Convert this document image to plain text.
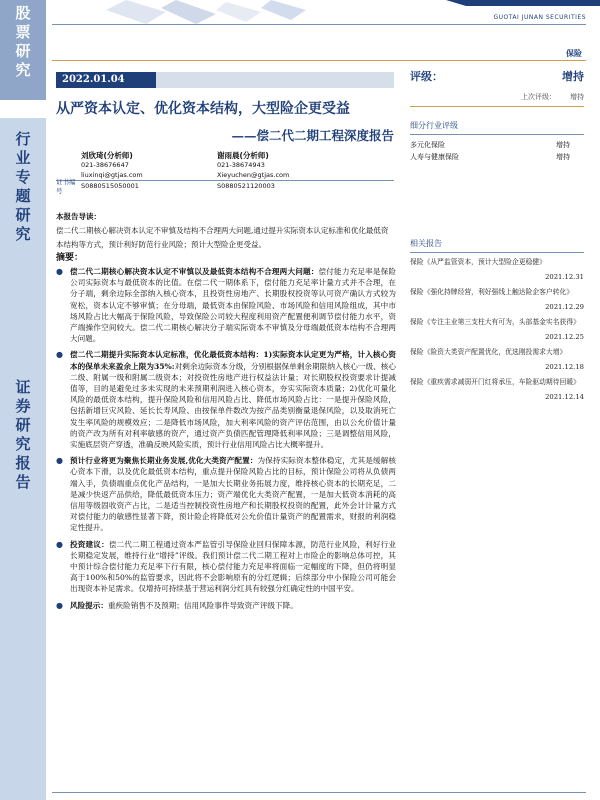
股
票
研
究
行
业
专
题
研
究
证
券
研
究
报
告
GUOTAI JUNAN SECURITIES
保险
2022.01.04
从严资本认定、优化资本结构，大型险企更受益
——偿二代二期工程深度报告
刘欣琦(分析师)	谢雨晨(分析师)
021-38676647	021-38674943
liuxinqi@gtjas.com	Xieyuchen@gtjas.com
证书编号
S0880515050001	S0880521120003
本报告导读：
偿二代二期核心解决资本认定不审慎及结构不合理两大问题,通过提升实际资本认定标准和优化最低资本结构等方式，预计利好防范行业风险；预计大型险企更受益。
摘要：
● 偿二代二期核心解决资本认定不审慎以及最低资本结构不合理两大问题：偿付能力充足率是保险公司实际资本与最低资本的比值。在偿二代一期体系下，偿付能力充足率计量方式并不合理，在分子端，剩余边际全部纳入核心资本，且投资性房地产、长期股权投资等认可资产确认方式较为宽松，资本认定不够审慎；在分母端，最低资本由保险风险、市场风险和信用风险组成，其中市场风险占比大幅高于保险风险，导致保险公司较大程度利用资产配置便利调节偿付能力水平，资产端操作空间较大。偿二代二期核心解决分子端实际资本不审慎及分母端最低资本结构不合理两大问题。
● 偿二代二期提升实际资本认定标准，优化最低资本结构：1)实际资本认定更为严格，计入核心资本的保单未来盈余上限为35%:对剩余边际资本分级，分别根据保单剩余期限纳入核心一级、核心二级、附属一级和附属二级资本；对投资性房地产进行权益法计量；对长期股权投资要求计提减值等，目的是避免过多未实现的未来预期利润进入核心资本，夯实实际资本质量；2)优化可量化风险的最低资本结构，提升保险风险和信用风险占比、降低市场风险占比：一是提升保险风险，包括新增巨灾风险、延长长寿风险、由按保单件数改为按产品类别衡量退保风险，以及取消死亡发生率风险的规模效应；二是降低市场风险，加大利率风险的资产评估范围，由以公允价值计量的资产改为所有对利率敏感的资产，通过资产负债匹配管理降低利率风险；三是调整信用风险，实施底层资产穿透，准确反映风险实质，预计行业信用风险占比大概率提升。
● 预计行业将更为聚焦长期业务发展,优化大类资产配置：为保持实际资本整体稳定，尤其是缓解核心资本下滑，以及优化最低资本结构，重点提升保险风险占比的目标，预计保险公司将从负债两端入手，负债端重点优化产品结构，一是加大长期业务拓展力度，维持核心资本的长期充足，二是减少快返产品供给，降低最低资本压力；资产端优化大类资产配置，一是加大低资本消耗的高信用等级固收资产占比，二是适当控制投资性房地产和长期股权投资的配置，此外会计计量方式对偿付能力的敏感性显著下降，预计险企将降低对公允价值计量资产的配置需求，财报的利润稳定性提升。
● 投资建议：偿二代二期工程通过资本严监管引导保险业回归保障本源，防范行业风险，利好行业长期稳定发展，维持行业“增持”评级。我们预计偿二代二期工程对上市险企的影响总体可控，其中预计综合偿付能力充足率下行有限，核心偿付能力充足率将面临一定幅度的下降，但仍将明显高于100%和50%的监管要求，因此将不会影响原有的分红逻辑；后续部分中小保险公司可能会出现资本补足需求。仅增持可持续基于营运利润分红具有较强分红确定性的中国平安。
● 风险提示：重疾险销售不及预期；信用风险事件导致资产评级下降。
评级：	增持
上次评级： 增持
细分行业评级
多元化保险	增持
人寿与健康保险	增持
相关报告
保险《从严监管资本，预计大型险企更稳健》
2021.12.31
保险《强化持牌经营，利好强线上触达险企客户转化》
2021.12.29
保险《专注主业第三支柱大有可为，头部基金实名获得》
2021.12.25
保险《险资大类资产配置优化，优选刚投需求大增》
2021.12.18
保险《重疾需求减弱开门红将承压，车险驱动期待回暖》
2021.12.14
